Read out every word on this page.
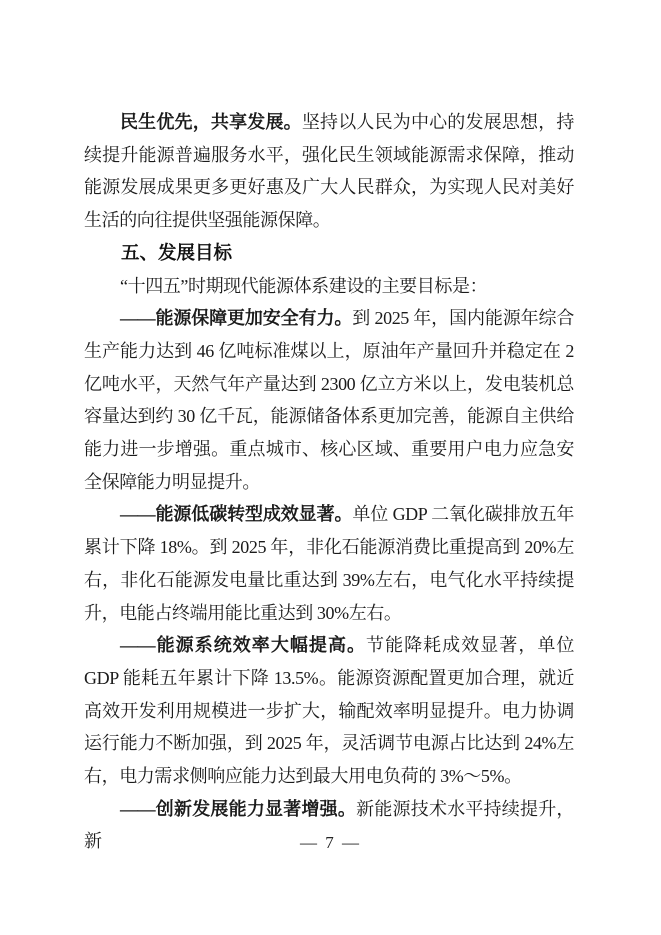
民生优先，共享发展。坚持以人民为中心的发展思想，持续提升能源普遍服务水平，强化民生领域能源需求保障，推动能源发展成果更多更好惠及广大人民群众，为实现人民对美好生活的向往提供坚强能源保障。

五、发展目标

“十四五”时期现代能源体系建设的主要目标是：

——能源保障更加安全有力。到 2025 年，国内能源年综合生产能力达到 46 亿吨标准煤以上，原油年产量回升并稳定在 2 亿吨水平，天然气年产量达到 2300 亿立方米以上，发电装机总容量达到约 30 亿千瓦，能源储备体系更加完善，能源自主供给能力进一步增强。重点城市、核心区域、重要用户电力应急安全保障能力明显提升。

——能源低碳转型成效显著。单位 GDP 二氧化碳排放五年累计下降 18%。到 2025 年，非化石能源消费比重提高到 20%左右，非化石能源发电量比重达到 39%左右，电气化水平持续提升，电能占终端用能比重达到 30%左右。

——能源系统效率大幅提高。节能降耗成效显著，单位 GDP 能耗五年累计下降 13.5%。能源资源配置更加合理，就近高效开发利用规模进一步扩大，输配效率明显提升。电力协调运行能力不断加强，到 2025 年，灵活调节电源占比达到 24%左右，电力需求侧响应能力达到最大用电负荷的 3%～5%。

——创新发展能力显著增强。新能源技术水平持续提升，新	— 7 —
